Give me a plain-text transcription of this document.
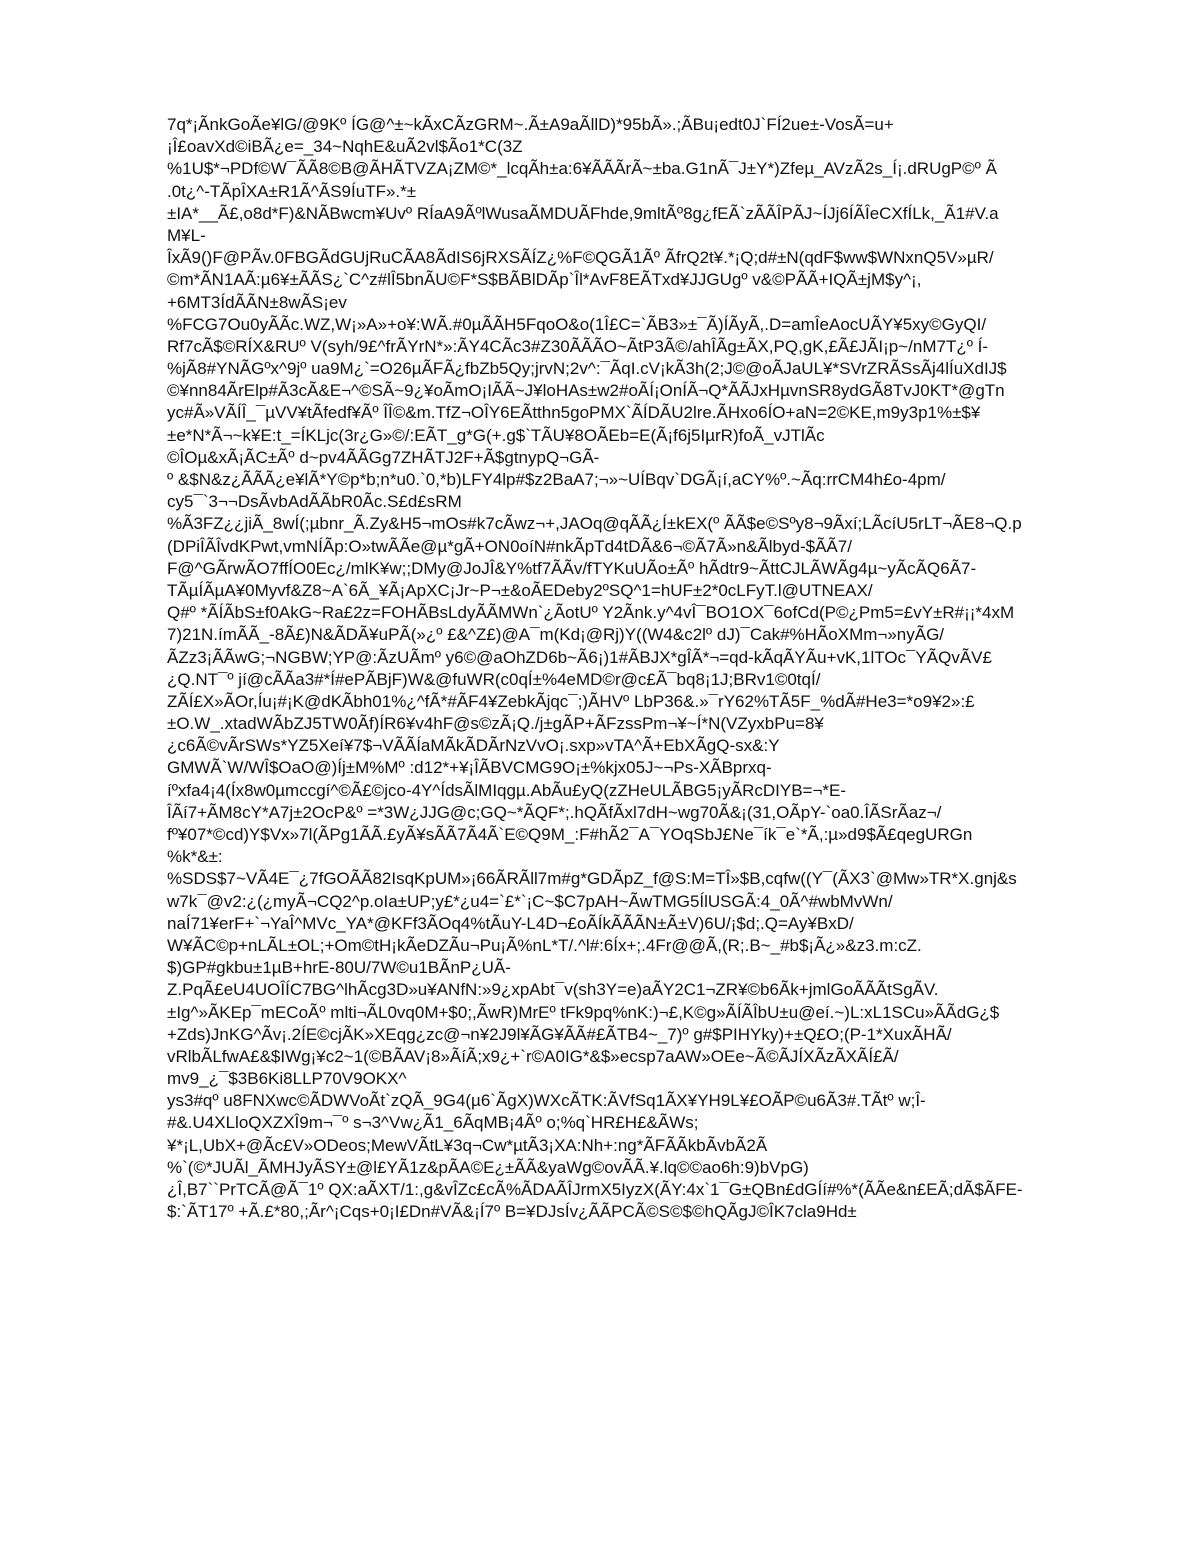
7q*¡ÃnkGoÃe¥lG/@9Kº ÍG@^±~kÃxCÃzGRM~.Ã±A9aÃllD)*95bÃ».;ÃBu¡edt0J`FÍ2ue±-VosÃ=u+
¡Î£oavXd©iBÃ¿e=_34~NqhE&uÃ2vl$Ão1*C(3Z
%1U$*¬PDf©W¯ÃÃ8©B@ÃHÃTVZA¡ZM©*_lcqÃh±a:6¥ÃÃÃrÃ~±ba.G1nÃ¯J±Y*)Zfeµ_AVzÃ2s_Í¡.dRUgP©º Ã
.0t¿^-TÃpÎXA±R1Ã^ÃS9ÍuTF».*±
±IA*__Ã£,o8d*F)&NÃBwcm¥Uvº RÍaA9ÃºlWusaÃMDUÃFhde,9mltÃº8g¿fEÃ`zÃÃÎPÃJ~ÍJj6ÍÃÎeCXfÍLk,_Ã1#V.a
M¥L-
ÎxÃ9()F@PÃv.0FBGÃdGUjRuCÃA8ÃdIS6jRXSÃÍZ¿%F©QGÃ1Ãº ÃfrQ2t¥.*¡Q;d#±N(qdF$ww$WNxnQ5V»µR/
©m*ÃN1AÃ:µ6¥±ÃÃS¿`C^z#lÎ5bnÃU©F*S$BÃBlDÃp`Îl*AvF8EÃTxd¥JJGUgº v&©PÃÃ+IQÃ±jM$y^¡,
+6MT3ÍdÃÃN±8wÃS¡ev
%FCG7Ou0yÃÃc.WZ,W¡»A»+o¥:WÃ.#0µÃÃH5FqoO&o(1Î£C=`ÃB3»±¯Ã)ÍÃyÃ,.D=amÎeAocUÃY¥5xy©GyQI/
Rf7cÃ$©RÍX&RUº V(syh/9£^frÃYrN*»:ÃY4CÃc3#Z30ÃÃÃO~ÃtP3Ã©/ahÎÃg±ÃX,PQ,gK,£Ã£JÃI¡p~/nM7T¿º Í-
%jÃ8#YNÃGºx^9jº ua9M¿`=O26µÃFÃ¿fbZb5Qy;jrvN;2v^:¯ÃqI.cV¡kÃ3h(2;J©@oÃJaUL¥*SVrZRÃSsÃj4lÍuXdIJ$
©¥nn84ÃrElp#Ã3cÃ&E¬^©SÃ~9¿¥oÃmO¡IÃÃ~J¥loHAs±w2#oÃÍ¡OnÍÃ¬Q*ÃÃJxHµvnSR8ydGÃ8TvJ0KT*@gTn
yc#Ã»VÃÍÎ_¯µVV¥tÃfedf¥Ãº ÎÎ©&m.TfZ¬OÎY6EÃtthn5goPMX`ÃÍDÃU2lre.ÃHxo6ÍO+aN=2©KE,m9y3p1%±$¥
±e*N*Ã¬~k¥E:t_=ÍKLjc(3r¿G»©/:EÃT_g*G(+.g$`TÃU¥8OÃEb=E(Ã¡f6j5IµrR)foÃ_vJTlÃc
©ÎOµ&xÃ¡ÃC±Ãº d~pv4ÃÃGg7ZHÃTJ2F+Ã$gtnypQ¬GÃ-
º &$N&z¿ÃÃÃ¿e¥lÃ*Y©p*b;n*u0.`0,*b)LFY4lp#$z2BaA7;¬»~UÍBqv`DGÃ¡í,aCY%º.~Ãq:rrCM4h£o-4pm/
cy5¯`3¬¬DsÃvbAdÃÃbR0Ãc.S£d£sRM
%Ã3FZ¿¿jiÃ_8wÍ(;µbnr_Ã.Zy&H5¬mOs#k7cÃwz¬+,JAOq@qÃÃ¿Í±kEX(º ÃÃ$e©Sºy8¬9Ãxí;LÃcíU5rLT¬ÃE8¬Q.p
(DPiÎÃÎvdKPwt,vmNÍÃp:O»twÃÃe@µ*gÃ+ON0oíN#nkÃpTd4tDÃ&6¬©Ã7Ã»n&Ãlbyd-$ÃÃ7/
F@^GÃrwÃO7ffÍO0Ec¿/mlK¥w;;DMy@JoJÎ&Y%tf7ÃÃv/fTYKuUÃo±Ãº hÃdtr9~ÃttCJLÃWÃg4µ~yÃcÃQ6Ã7-
TÃµÍÃµA¥0Myvf&Z8~A`6Ã_¥Ã¡ApXC¡Jr~P¬±&oÃEDeby2ºSQ^1=hUF±2*0cLFyT.l@UTNEAX/
Q#º *ÃÍÃbS±f0AkG~Ra£2z=FOHÃBsLdyÃÃMWn`¿ÃotUº Y2Ãnk.y^4vÎ¯BO1OX¯6ofCd(P©¿Pm5=£vY±R#¡¡*4xM
7)21N.ímÃÃ_-8Ã£)N&ÃDÃ¥uPÃ(»¿º £&^Z£)@A¯m(Kd¡@Rj)Y((W4&c2lº dJ)¯Cak#%HÃoXMm¬»nyÃG/
ÃZz3¡ÃÃwG;¬NGBW;YP@:ÃzUÃmº y6©@aOhZD6b~Ã6¡)1#ÃBJX*gÎÃ*¬=qd-kÃqÃYÃu+vK,1lTOc¯YÃQvÃV£
¿Q.NT¯º jí@cÃÃa3#*Í#ePÃBjF)W&@fuWR(c0qÍ±%4eMD©r@c£Ã¯bq8¡1J;BRv1©0tqÍ/
ZÃÍ£X»ÃOr,Íu¡#¡K@dKÃbh01%¿^fÃ*#ÃF4¥ZebkÃjqc¯;)ÃHVº LbP36&.»¯rY62%TÃ5F_%dÃ#He3=*o9¥2»:£
±O.W_.xtadWÃbZJ5TW0Ãf)ÍR6¥v4hF@s©zÃ¡Q./j±gÃP+ÃFzssPm¬¥~Í*N(VZyxbPu=8¥
¿c6Ã©vÃrSWs*YZ5Xeí¥7$¬VÃÃÍaMÃkÃDÃrNzVvO¡.sxp»vTA^Ã+EbXÃgQ-sx&:Y
GMWÃ`W/WÎ$OaO@)Íj±M%Mº :d12*+¥¡ÎÃBVCMG9O¡±%kjx05J~¬Ps-XÃBprxq-
íºxfa4¡4(Íx8w0µmccgí^©Ã£©jco-4Y^ÍdsÃlMIqgµ.AbÃu£yQ(zZHeULÃBG5¡yÃRcDIYB=¬*E-
ÎÃí7+ÃM8cY*A7j±2OcP&º =*3W¿JJG@c;GQ~*ÃQF*;.hQÃfÃxl7dH~wg70Ã&¡(31,OÃpY-`oa0.ÎÃSrÃaz¬/
fº¥07*©cd)Y$Vx»7l(ÃPg1ÃÃ.£yÃ¥sÃÃ7Ã4Ã`E©Q9M_:F#hÃ2¯A¯YOqSbJ£Ne¯ík¯e`*Ã,:µ»d9$Ã£qegURGn
%k*&±:
%SDS$7~VÃ4E¯¿7fGOÃÃ82IsqKpUM»¡66ÃRÃll7m#g*GDÃpZ_f@S:M=TÎ»$B,cqfw((Y¯(ÃX3`@Mw»TR*X.gnj&s
w7k¯@v2:¿(¿myÃ¬CQ2^p.oIa±UP;y£*¿u4=`£*`¡C~$C7pAH~ÃwTMG5ÍlUSGÃ:4_0Ã^#wbMvWn/
naÍ71¥erF+`¬YaÎ^MVc_YA*@KFf3ÃOq4%tÃuY-L4D¬£oÃÍkÃÃÃN±Ã±V)6U/¡$d;.Q=Ay¥BxD/
W¥ÃC©p+nLÃL±OL;+Om©tH¡kÃeDZÃu¬Pu¡Ã%nL*T/.^l#:6Íx+;.4Fr@@Ã,(R;.B~_#b$¡Ã¿»&z3.m:cZ.
$)GP#gkbu±1µB+hrE-80U/7W©u1BÃnP¿UÃ-
Z.PqÃ£eU4UOÎÍC7BG^lhÃcg3D»u¥ANfN:»9¿xpAbt¯v(sh3Y=e)aÃY2C1¬ZR¥©b6Ãk+jmlGoÃÃÃtSgÃV.
±Ig^»ÃKEp¯mECoÃº mlti¬ÃL0vq0M+$0;,ÃwR)MrEº tFk9pq%nK:)¬£,K©g»ÃÍÃÎbU±u@eí.~)L:xL1SCu»ÃÃdG¿$
+Zds)JnKG^Ãv¡.2ÍE©cjÃK»XEqg¿zc@¬n¥2J9l¥ÃG¥ÃÃ#£ÃTB4~_7)º g#$PIHYky)+±Q£O;(P-1*XuxÃHÃ/
vRlbÃLfwA£&$IWg¡¥c2~1(©BÃAV¡8»ÃíÃ;x9¿+`r©A0IG*&$»ecsp7aAW»OEe~Ã©ÃJÍXÃzÃXÃÍ£Ã/
mv9_¿¯$3B6Ki8LLP70V9OKX^
ys3#qº u8FNXwc©ÃDWVoÃt`zQÃ_9G4(µ6`ÃgX)WXcÃTK:ÃVfSq1ÃX¥YH9L¥£OÃP©u6Ã3#.TÃtº w;Î-
#&.U4XLloQXZXÎ9m¬¯º s¬3^Vw¿Ã1_6ÃqMB¡4Ãº o;%q`HR£H£&ÃWs;
¥*¡L,UbX+@Ãc£V»ODeos;MewVÃtL¥3q¬Cw*µtÃ3¡XA:Nh+:ng*ÃFÃÃkbÃvbÃ2Ã
%`(©*JUÃl_ÃMHJyÃSY±@l£YÃ1z&pÃA©E¿±ÃÃ&yaWg©ovÃÃ.¥.lq©©ao6h:9)bVpG)
¿Î,B7``PrTCÃ@Ã¯1º QX:aÃXT/1:,g&vÎZc£cÃ%ÃDAÃÎJrmX5IyzX(ÃY:4x`1¯G±QBn£dGÍí#%*(ÃÃe&n£EÃ;dÃ$ÃFE-
$:`ÃT17º +Ã.£*80,;Ãr^¡Cqs+0¡I£Dn#VÃ&¡Í7º B=¥DJsÍv¿ÃÃPCÃ©S©$©hQÃgJ©ÎK7cla9Hd±
